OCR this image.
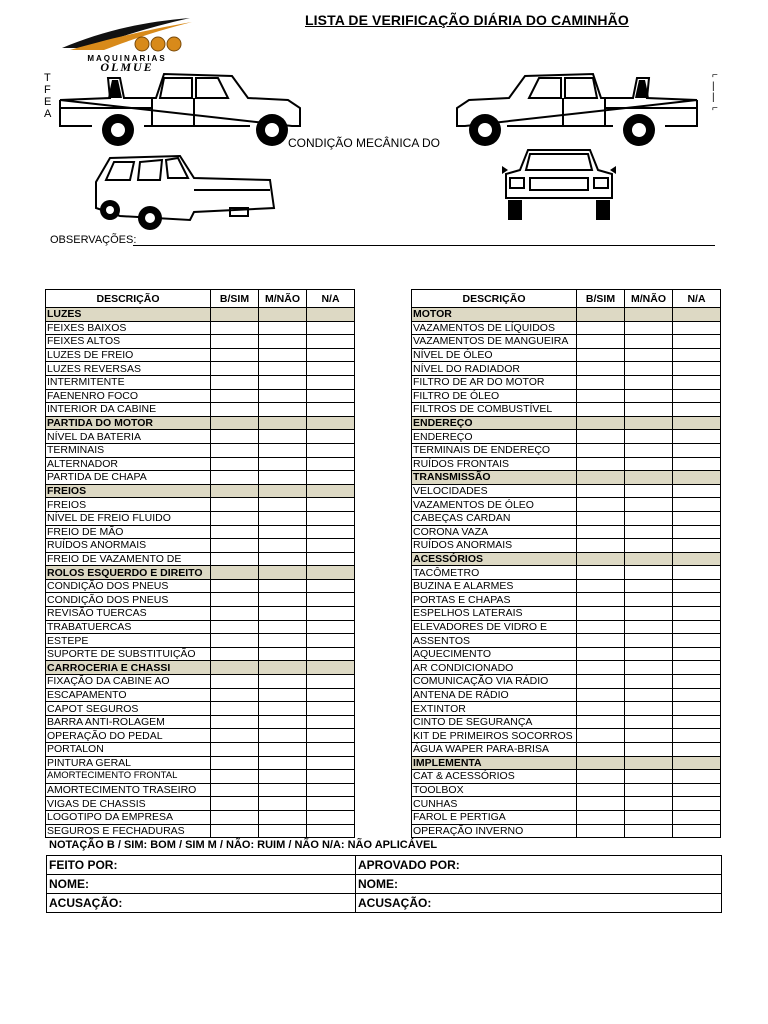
LISTA DE VERIFICAÇÃO DIÁRIA DO CAMINHÃO
MAQUINARIAS
OLMUE
T
F
E
A
⌐
|
|
⌐
CONDIÇÃO MECÂNICA DO
OBSERVAÇÕES:
DESCRIÇÃO	B/SIM	M/NÃO	N/A
LUZES			
FEIXES BAIXOS			
FEIXES ALTOS			
LUZES DE FREIO			
LUZES REVERSAS			
INTERMITENTE			
FAENENRO FOCO			
INTERIOR DA CABINE			
PARTIDA DO MOTOR			
NÍVEL DA BATERIA			
TERMINAIS			
ALTERNADOR			
PARTIDA DE CHAPA			
FREIOS			
FREIOS			
NÍVEL DE FREIO FLUIDO			
FREIO DE MÃO			
RUÍDOS ANORMAIS			
FREIO DE VAZAMENTO DE			
ROLOS ESQUERDO E DIREITO			
CONDIÇÃO DOS PNEUS			
CONDIÇÃO DOS PNEUS			
REVISÃO TUERCAS			
TRABATUERCAS			
ESTEPE			
SUPORTE DE SUBSTITUIÇÃO			
CARROCERIA E CHASSI			
FIXAÇÃO DA CABINE AO			
ESCAPAMENTO			
CAPOT SEGUROS			
BARRA ANTI-ROLAGEM			
OPERAÇÃO DO PEDAL			
PORTALON			
PINTURA GERAL			
AMORTECIMENTO FRONTAL			
AMORTECIMENTO TRASEIRO			
VIGAS DE CHASSIS			
LOGOTIPO DA EMPRESA			
SEGUROS E FECHADURAS			
DESCRIÇÃO	B/SIM	M/NÃO	N/A
MOTOR			
VAZAMENTOS DE LÍQUIDOS			
VAZAMENTOS DE MANGUEIRA			
NÍVEL DE ÓLEO			
NÍVEL DO RADIADOR			
FILTRO DE AR DO MOTOR			
FILTRO DE ÓLEO			
FILTROS DE COMBUSTÍVEL			
ENDEREÇO			
ENDEREÇO			
TERMINAIS DE ENDEREÇO			
RUÍDOS FRONTAIS			
TRANSMISSÃO			
VELOCIDADES			
VAZAMENTOS DE ÓLEO			
CABEÇAS CARDAN			
CORONA VAZA			
RUÍDOS ANORMAIS			
ACESSÓRIOS			
TACÔMETRO			
BUZINA E ALARMES			
PORTAS E CHAPAS			
ESPELHOS LATERAIS			
ELEVADORES DE VIDRO E			
ASSENTOS			
AQUECIMENTO			
AR CONDICIONADO			
COMUNICAÇÃO VIA RÁDIO			
ANTENA DE RÁDIO			
EXTINTOR			
CINTO DE SEGURANÇA			
KIT DE PRIMEIROS SOCORROS			
ÁGUA WAPER PARA-BRISA			
IMPLEMENTA			
CAT & ACESSÓRIOS			
TOOLBOX			
CUNHAS			
FAROL E PERTIGA			
OPERAÇÃO INVERNO			
NOTAÇÃO B / SIM: BOM / SIM M / NÃO: RUIM / NÃO N/A: NÃO APLICÁVEL
FEITO POR:	APROVADO POR:
NOME:	NOME:
ACUSAÇÃO:	ACUSAÇÃO:
